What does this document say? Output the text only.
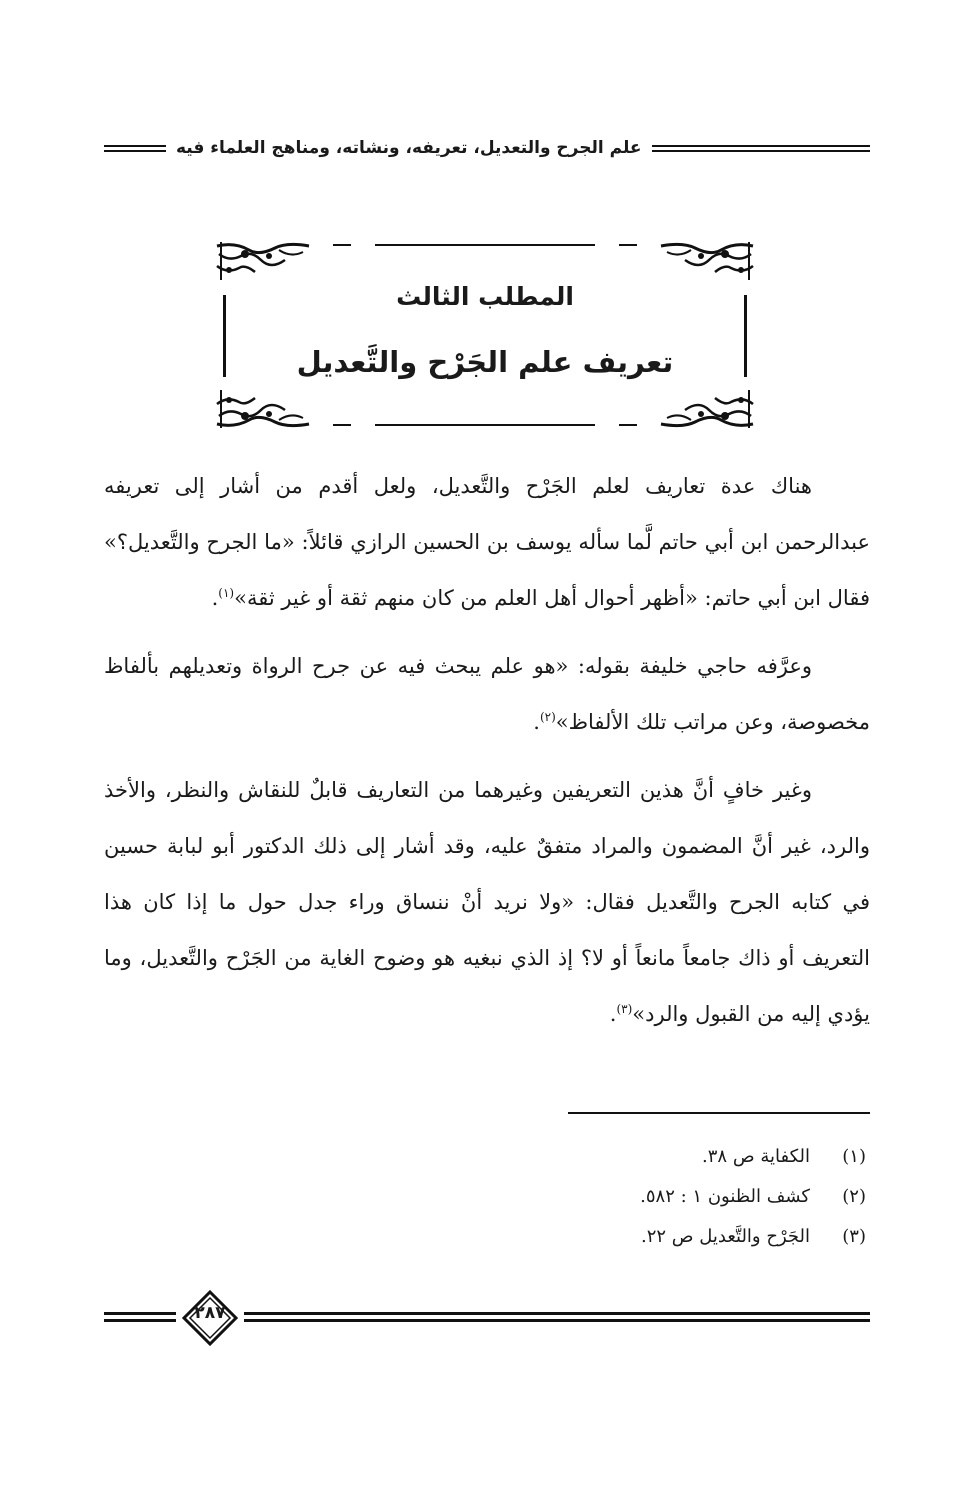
علم الجرح والتعديل، تعريفه، ونشاته، ومناهج العلماء فيه
المطلب الثالث
تعريف علم الجَرْح والتَّعديل

هناك عدة تعاريف لعلم الجَرْح والتَّعديل، ولعل أقدم من أشار إلى تعريفه عبدالرحمن ابن أبي حاتم لَّما سأله يوسف بن الحسين الرازي قائلاً: «ما الجرح والتَّعديل؟» فقال ابن أبي حاتم: «أظهر أحوال أهل العلم من كان منهم ثقة أو غير ثقة»$^{(١)}$.

وعرَّفه حاجي خليفة بقوله: «هو علم يبحث فيه عن جرح الرواة وتعديلهم بألفاظ مخصوصة، وعن مراتب تلك الألفاظ»$^{(٢)}$.

وغير خافٍ أنَّ هذين التعريفين وغيرهما من التعاريف قابلٌ للنقاش والنظر، والأخذ والرد، غير أنَّ المضمون والمراد متفقٌ عليه، وقد أشار إلى ذلك الدكتور أبو لبابة حسين في كتابه الجرح والتَّعديل فقال: «ولا نريد أنْ ننساق وراء جدل حول ما إذا كان هذا التعريف أو ذاك جامعاً مانعاً أو لا؟ إذ الذي نبغيه هو وضوح الغاية من الجَرْح والتَّعديل، وما يؤدي إليه من القبول والرد»$^{(٣)}$.

(١)
الكفاية ص ٣٨.
(٢)
كشف الظنون ١ : ٥٨٢.
(٣)
الجَرْح والتَّعديل ص ٢٢.
٢٨٧
